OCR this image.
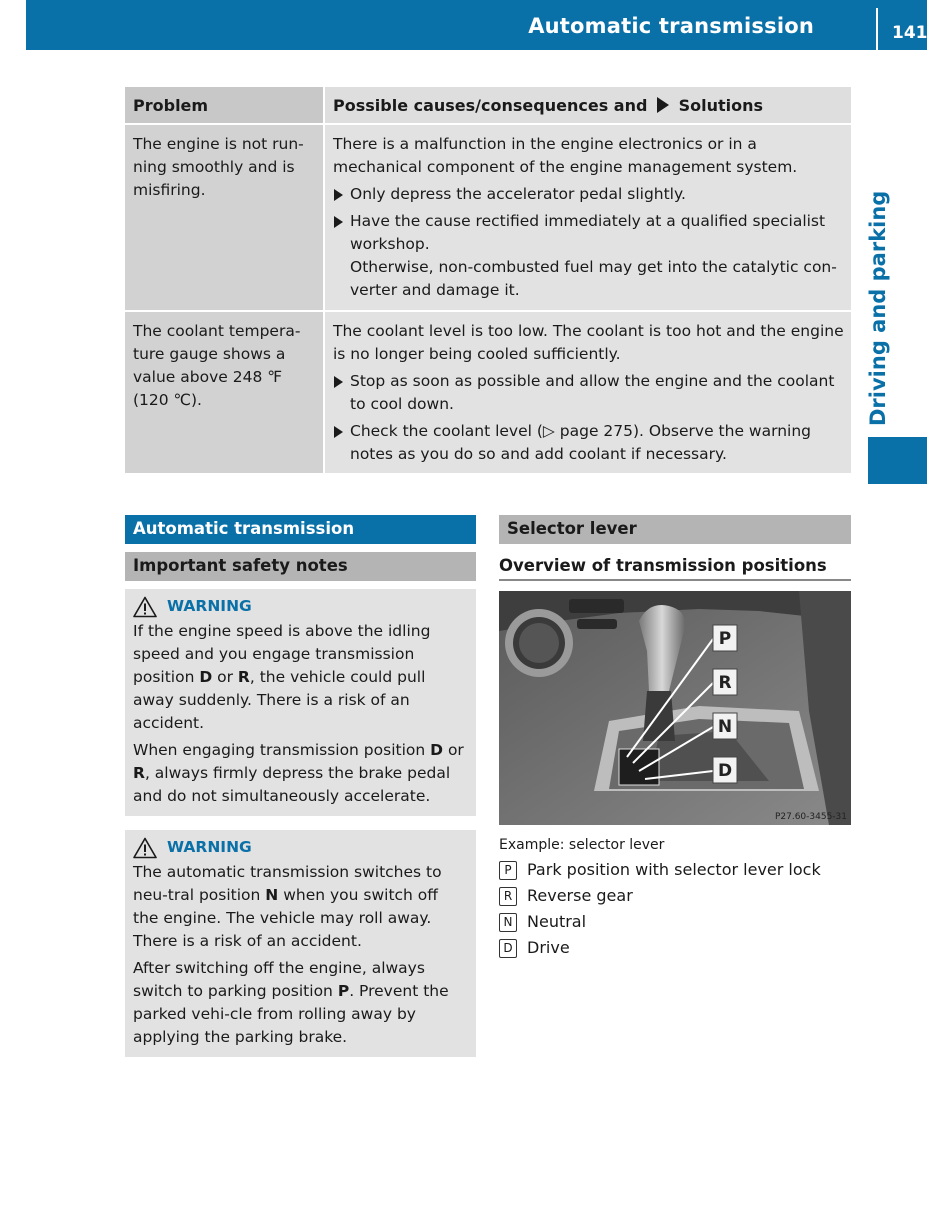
Automatic transmission	141
Driving and parking
Problem	Possible causes/consequences and Solutions
The engine is not run-ning smoothly and is misfiring.

There is a malfunction in the engine electronics or in a mechanical component of the engine management system.

Only depress the accelerator pedal slightly.

Have the cause rectified immediately at a qualified specialist workshop.

Otherwise, non-combusted fuel may get into the catalytic con-verter and damage it.

The coolant tempera-ture gauge shows a value above 248 ℉ (120 ℃).

The coolant level is too low. The coolant is too hot and the engine is no longer being cooled sufficiently.

Stop as soon as possible and allow the engine and the coolant to cool down.

Check the coolant level (▷ page 275). Observe the warning notes as you do so and add coolant if necessary.

Automatic transmission
Important safety notes
WARNING

If the engine speed is above the idling speed and you engage transmission position D or R, the vehicle could pull away suddenly. There is a risk of an accident.

When engaging transmission position D or R, always firmly depress the brake pedal and do not simultaneously accelerate.

WARNING

The automatic transmission switches to neu-tral position N when you switch off the engine. The vehicle may roll away. There is a risk of an accident.

After switching off the engine, always switch to parking position P. Prevent the parked vehi-cle from rolling away by applying the parking brake.

Selector lever
Overview of transmission positions
P
R
N
D
P27.60-3455-31
Example: selector lever
P Park position with selector lever lock
R Reverse gear
N Neutral
D Drive
